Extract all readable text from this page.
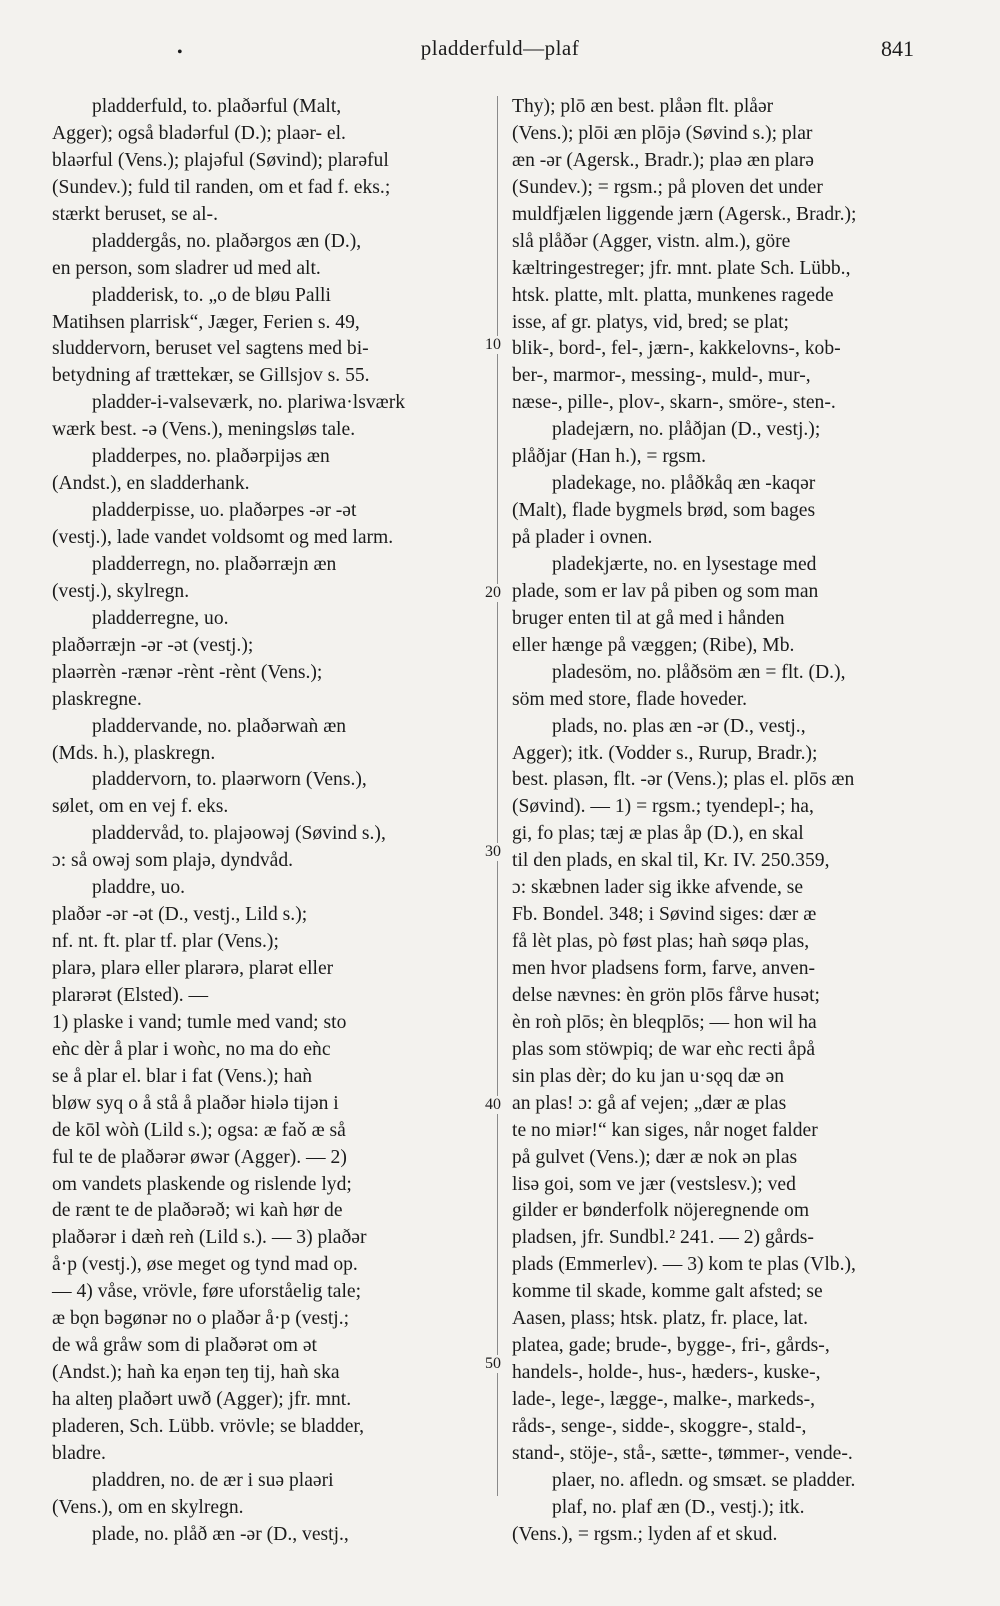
•	pladderfuld—plaf	841
pladderfuld, to. plaðərful (Malt,
Agger); også bladərful (D.); plaər- el.
blaərful (Vens.); plajəful (Søvind); plarəful
(Sundev.); fuld til randen, om et fad f. eks.;
stærkt beruset, se al-.
pladdergås, no. plaðərgos æn (D.),
en person, som sladrer ud med alt.
pladderisk, to. „o de bløu Palli
Matihsen plarrisk“, Jæger, Ferien s. 49,
sluddervorn, beruset vel sagtens med bi-
betydning af trættekær, se Gillsjov s. 55.
pladder-i-valseværk, no. plariwa·lsværk
wærk best. -ə (Vens.), meningsløs tale.
pladderpes, no. plaðərpijəs æn
(Andst.), en sladderhank.
pladderpisse, uo. plaðərpes -ər -ət
(vestj.), lade vandet voldsomt og med larm.
pladderregn, no. plaðərræjn æn
(vestj.), skylregn.
pladderregne, uo.
plaðərræjn -ər -ət (vestj.);
plaərrèn -rænər -rènt -rènt (Vens.);
plaskregne.
pladdervande, no. plaðərwaǹ æn
(Mds. h.), plaskregn.
pladdervorn, to. plaərworn (Vens.),
sølet, om en vej f. eks.
pladdervåd, to. plajəowəj (Søvind s.),
ɔ: så owəj som plajə, dyndvåd.
pladdre, uo.
plaðər -ər -ət (D., vestj., Lild s.);
nf. nt. ft. plar tf. plar (Vens.);
plarə, plarə eller plarərə, plarət eller
plarərət (Elsted). —
1) plaske i vand; tumle med vand; sto
eǹc dèr å plar i woǹc, no ma do eǹc
se å plar el. blar i fat (Vens.); haǹ
bløw syq o å stå å plaðər hiələ tijən i
de kōl wòǹ (Lild s.); ogsa: æ faǒ æ så
ful te de plaðərər øwər (Agger). — 2)
om vandets plaskende og rislende lyd;
de rænt te de plaðərəð; wi kaǹ hør de
plaðərər i dæǹ reǹ (Lild s.). — 3) plaðər
å·p (vestj.), øse meget og tynd mad op.
— 4) våse, vrövle, føre uforståelig tale;
æ bǫn bəgønər no o plaðər å·p (vestj.;
de wå gråw som di plaðərət om ət
(Andst.); haǹ ka eŋən teŋ tij, haǹ ska
ha alteŋ plaðərt uwð (Agger); jfr. mnt.
pladeren, Sch. Lübb. vrövle; se bladder,
bladre.
pladdren, no. de ær i suə plaəri
(Vens.), om en skylregn.
plade, no. plåð æn -ər (D., vestj.,
Thy); plō æn best. plåən flt. plåər
(Vens.); plōi æn plōjə (Søvind s.); plar
æn -ər (Agersk., Bradr.); plaə æn plarə
(Sundev.); = rgsm.; på ploven det under
muldfjælen liggende jærn (Agersk., Bradr.);
slå plåðər (Agger, vistn. alm.), göre
kæltringestreger; jfr. mnt. plate Sch. Lübb.,
htsk. platte, mlt. platta, munkenes ragede
isse, af gr. platys, vid, bred; se plat;
blik-, bord-, fel-, jærn-, kakkelovns-, kob-
ber-, marmor-, messing-, muld-, mur-,
næse-, pille-, plov-, skarn-, smöre-, sten-.
pladejærn, no. plåðjan (D., vestj.);
plåðjar (Han h.), = rgsm.
pladekage, no. plåðkåq æn -kaqər
(Malt), flade bygmels brød, som bages
på plader i ovnen.
pladekjærte, no. en lysestage med
plade, som er lav på piben og som man
bruger enten til at gå med i hånden
eller hænge på væggen; (Ribe), Mb.
pladesöm, no. plåðsöm æn = flt. (D.),
söm med store, flade hoveder.
plads, no. plas æn -ər (D., vestj.,
Agger); itk. (Vodder s., Rurup, Bradr.);
best. plasən, flt. -ər (Vens.); plas el. plōs æn
(Søvind). — 1) = rgsm.; tyendepl-; ha,
gi, fo plas; tæj æ plas åp (D.), en skal
til den plads, en skal til, Kr. IV. 250.359,
ɔ: skæbnen lader sig ikke afvende, se
Fb. Bondel. 348; i Søvind siges: dær æ
få lèt plas, pò føst plas; haǹ søqə plas,
men hvor pladsens form, farve, anven-
delse nævnes: èn grön plōs fårve husət;
èn roǹ plōs; èn bleqplōs; — hon wil ha
plas som stöwpiq; de war eǹc recti åpå
sin plas dèr; do ku jan u·sǫq dæ ən
an plas! ɔ: gå af vejen; „dær æ plas
te no miər!“ kan siges, når noget falder
på gulvet (Vens.); dær æ nok ən plas
lisə goi, som ve jær (vestslesv.); ved
gilder er bønderfolk nöjeregnende om
pladsen, jfr. Sundbl.² 241. — 2) gårds-
plads (Emmerlev). — 3) kom te plas (Vlb.),
komme til skade, komme galt afsted; se
Aasen, plass; htsk. platz, fr. place, lat.
platea, gade; brude-, bygge-, fri-, gårds-,
handels-, holde-, hus-, hæders-, kuske-,
lade-, lege-, lægge-, malke-, markeds-,
råds-, senge-, sidde-, skoggre-, stald-,
stand-, stöje-, stå-, sætte-, tømmer-, vende-.
plaer, no. afledn. og smsæt. se pladder.
plaf, no. plaf æn (D., vestj.); itk.
(Vens.), = rgsm.; lyden af et skud.
10
20
30
40
50
